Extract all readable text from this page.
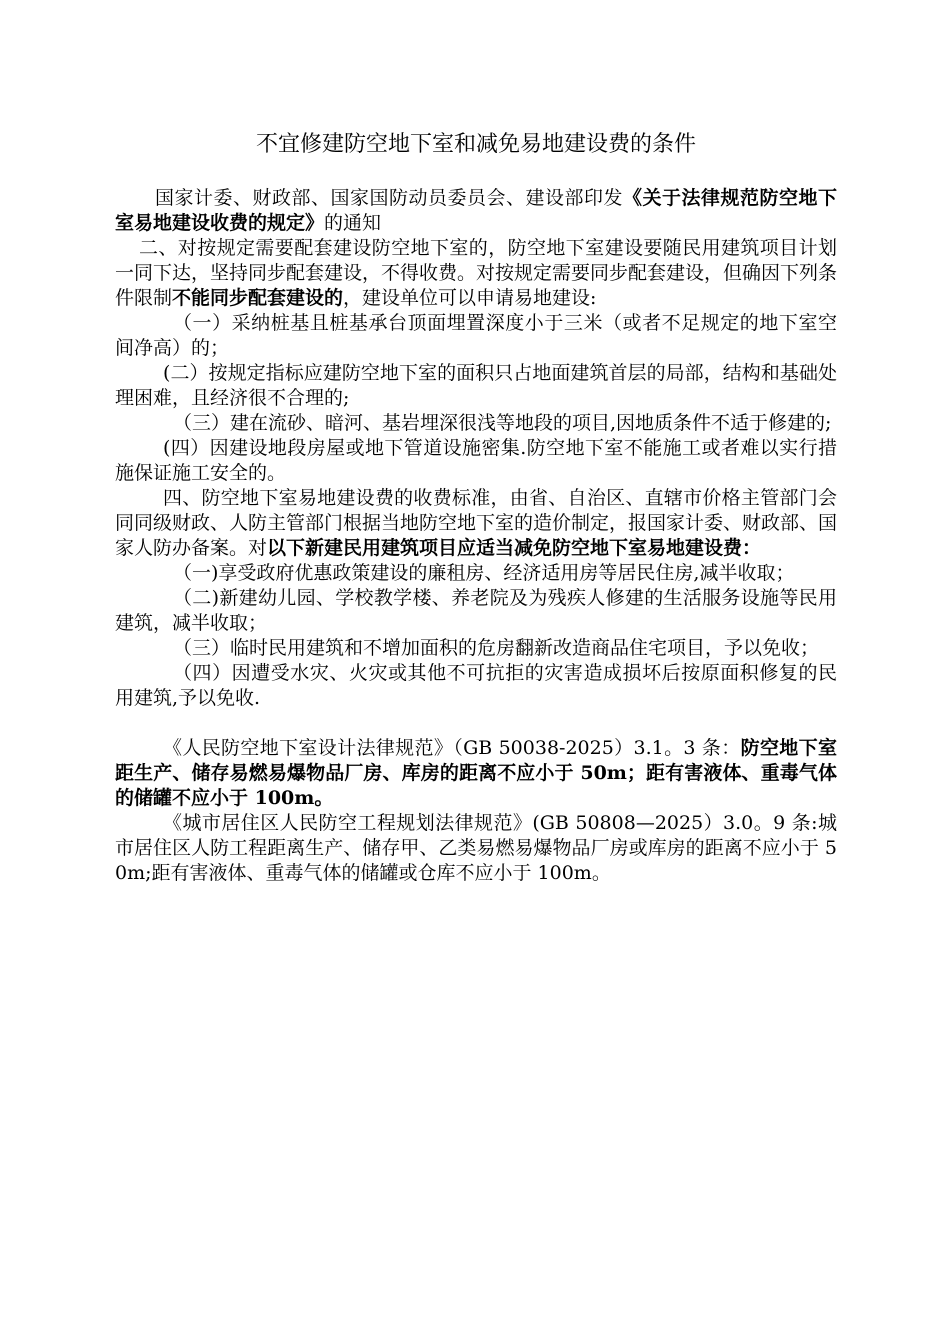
不宜修建防空地下室和减免易地建设费的条件

国家计委、财政部、国家国防动员委员会、建设部印发《关于法律规范防空地下室易地建设收费的规定》的通知

二、对按规定需要配套建设防空地下室的，防空地下室建设要随民用建筑项目计划一同下达，坚持同步配套建设，不得收费。对按规定需要同步配套建设，但确因下列条件限制不能同步配套建设的，建设单位可以申请易地建设:

（一）采纳桩基且桩基承台顶面埋置深度小于三米（或者不足规定的地下室空间净高）的；

(二）按规定指标应建防空地下室的面积只占地面建筑首层的局部，结构和基础处理困难，且经济很不合理的;

（三）建在流砂、暗河、基岩埋深很浅等地段的项目,因地质条件不适于修建的;

(四）因建设地段房屋或地下管道设施密集.防空地下室不能施工或者难以实行措施保证施工安全的。

四、防空地下室易地建设费的收费标准，由省、自治区、直辖市价格主管部门会同同级财政、人防主管部门根据当地防空地下室的造价制定，报国家计委、财政部、国家人防办备案。对以下新建民用建筑项目应适当减免防空地下室易地建设费：

（一)享受政府优惠政策建设的廉租房、经济适用房等居民住房,减半收取；

（二)新建幼儿园、学校教学楼、养老院及为残疾人修建的生活服务设施等民用建筑，减半收取；

（三）临时民用建筑和不增加面积的危房翻新改造商品住宅项目，予以免收；

（四）因遭受水灾、火灾或其他不可抗拒的灾害造成损坏后按原面积修复的民用建筑,予以免收.

《人民防空地下室设计法律规范》（GB 50038-2025）3.1。3 条：防空地下室距生产、储存易燃易爆物品厂房、库房的距离不应小于 50m；距有害液体、重毒气体的储罐不应小于 100m。

《城市居住区人民防空工程规划法律规范》(GB 50808—2025）3.0。9 条:城市居住区人防工程距离生产、储存甲、乙类易燃易爆物品厂房或库房的距离不应小于 50m;距有害液体、重毒气体的储罐或仓库不应小于 100m。
